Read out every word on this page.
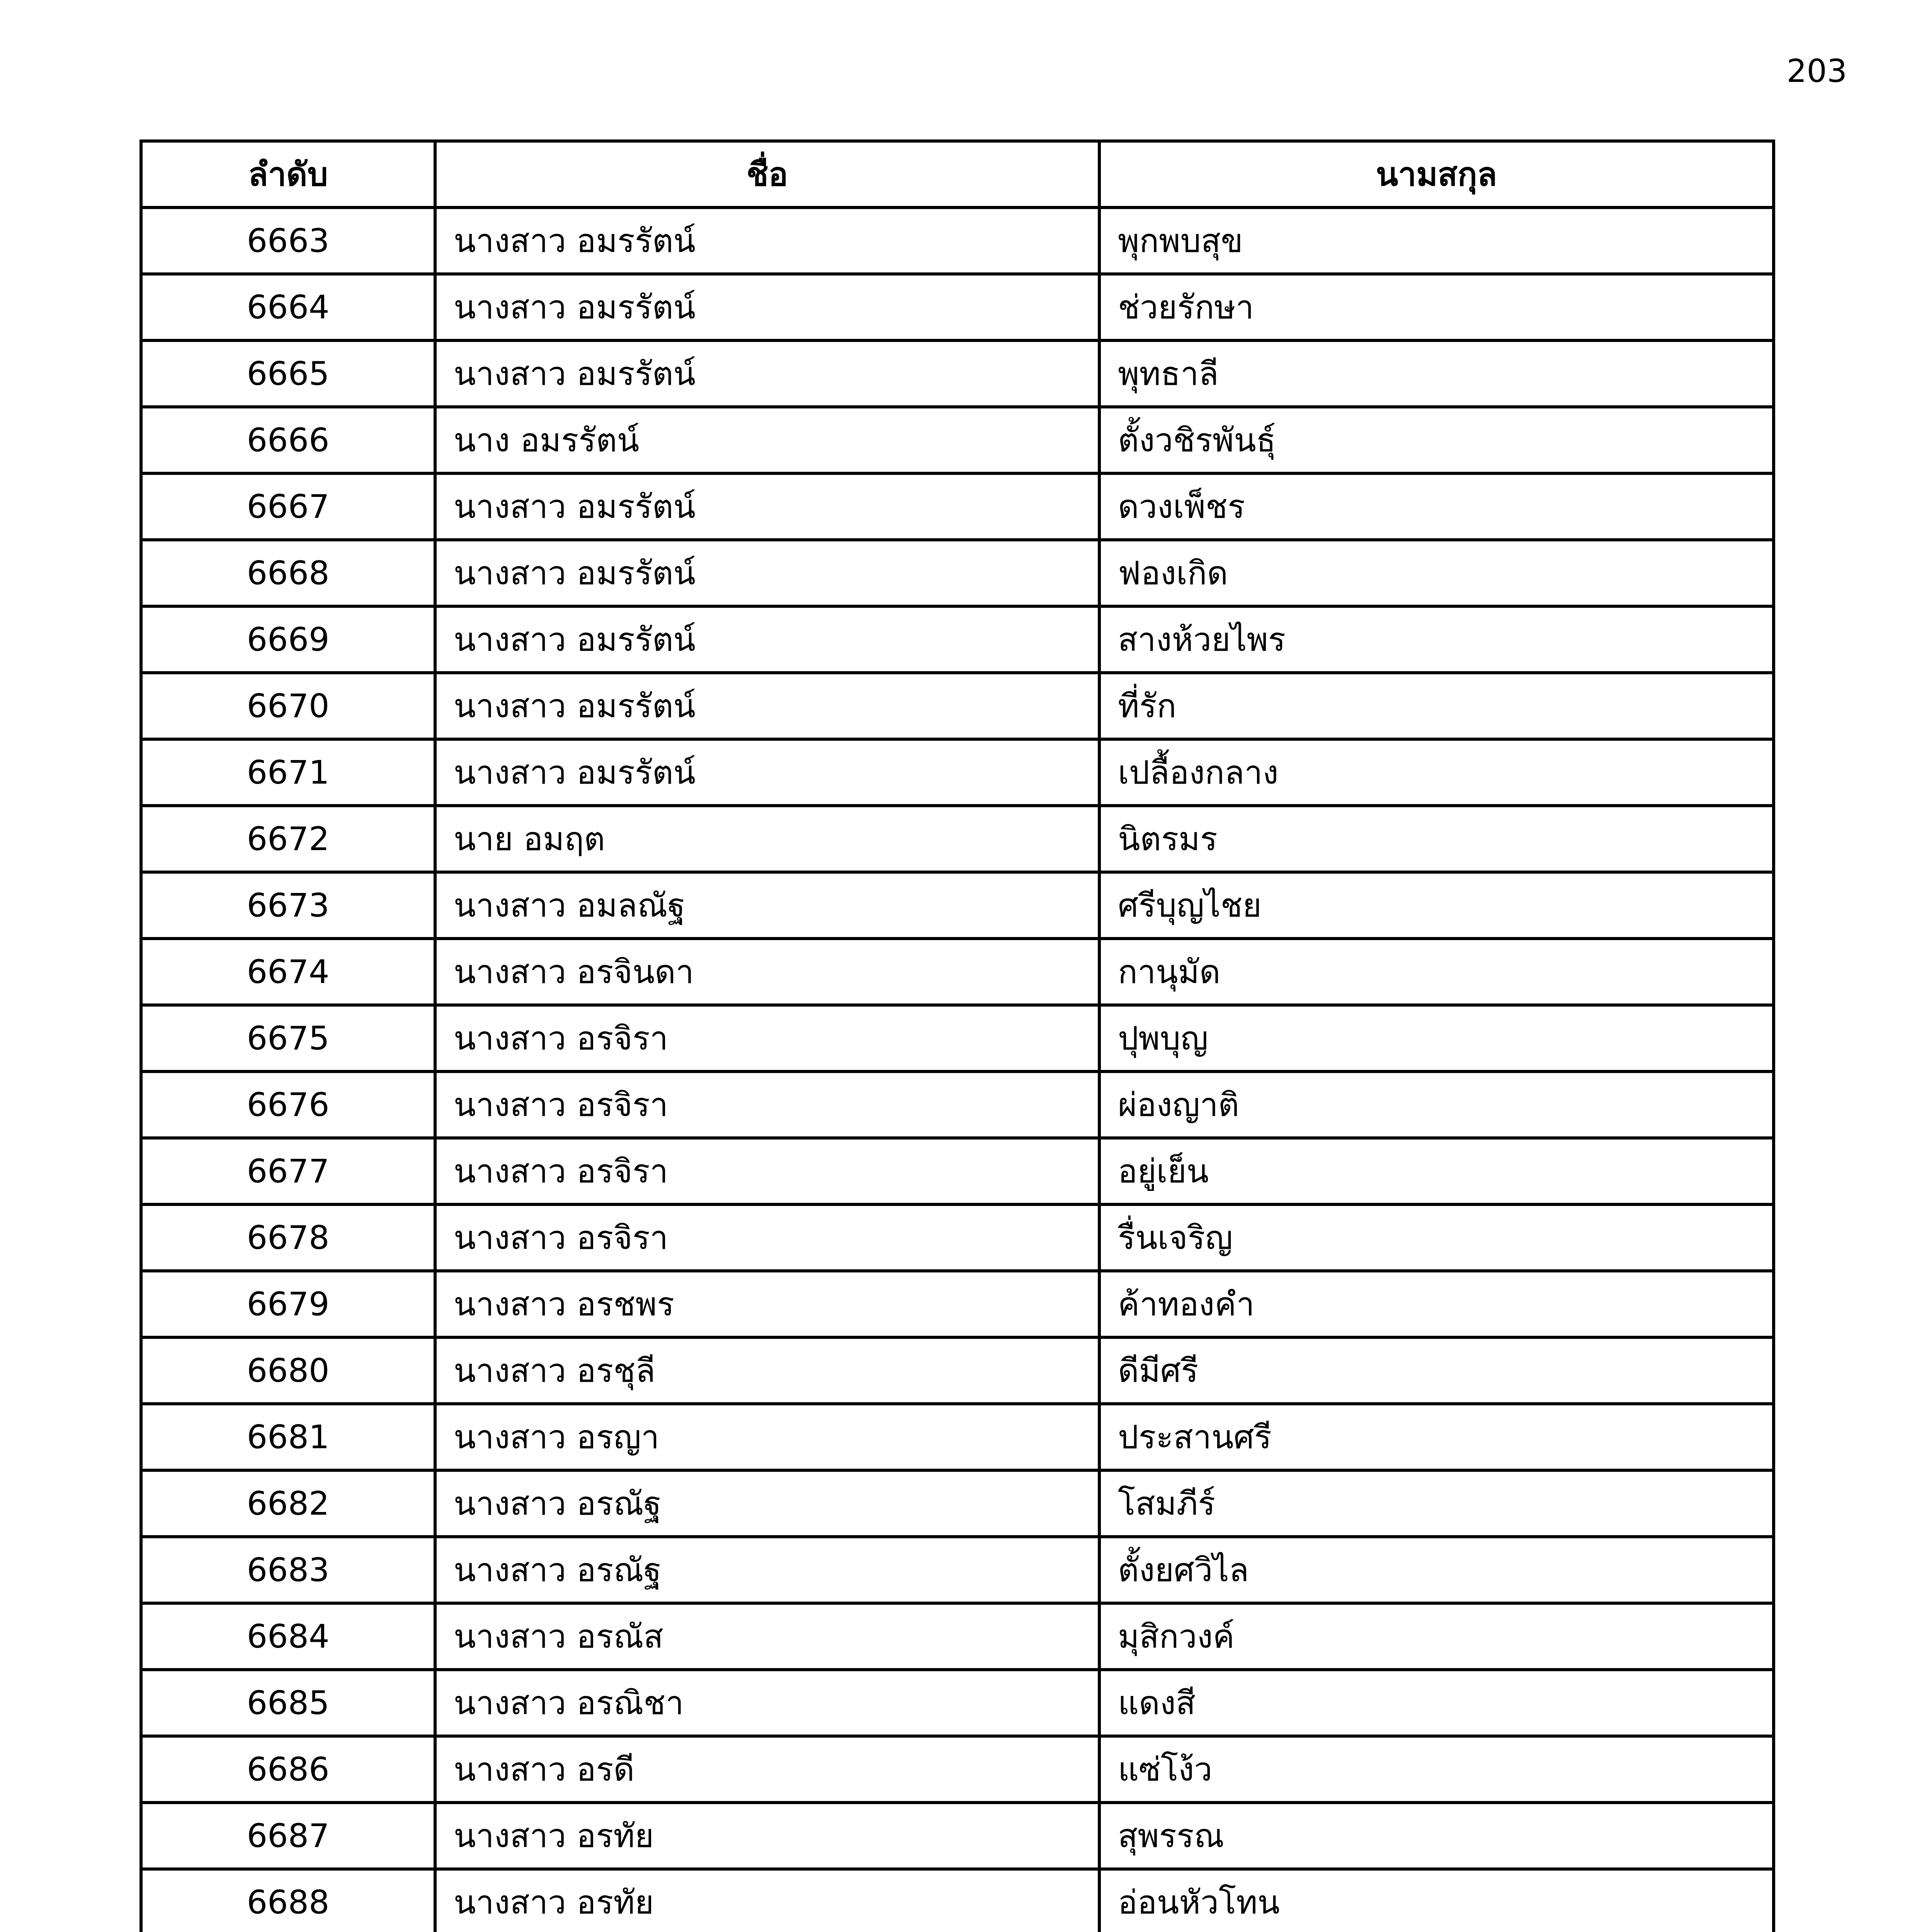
203
ลำดับ	ชื่อ	นามสกุล
6663	นางสาว อมรรัตน์	พุกพบสุข
6664	นางสาว อมรรัตน์	ช่วยรักษา
6665	นางสาว อมรรัตน์	พุทธาลี
6666	นาง อมรรัตน์	ตั้งวชิรพันธุ์
6667	นางสาว อมรรัตน์	ดวงเพ็ชร
6668	นางสาว อมรรัตน์	ฟองเกิด
6669	นางสาว อมรรัตน์	สางห้วยไพร
6670	นางสาว อมรรัตน์	ที่รัก
6671	นางสาว อมรรัตน์	เปลื้องกลาง
6672	นาย อมฤต	นิตรมร
6673	นางสาว อมลณัฐ	ศรีบุญไชย
6674	นางสาว อรจินดา	กานุมัด
6675	นางสาว อรจิรา	ปุพบุญ
6676	นางสาว อรจิรา	ผ่องญาติ
6677	นางสาว อรจิรา	อยู่เย็น
6678	นางสาว อรจิรา	รื่นเจริญ
6679	นางสาว อรชพร	ค้าทองคำ
6680	นางสาว อรชุลี	ดีมีศรี
6681	นางสาว อรญา	ประสานศรี
6682	นางสาว อรณัฐ	โสมภีร์
6683	นางสาว อรณัฐ	ตั้งยศวิไล
6684	นางสาว อรณัส	มุสิกวงค์
6685	นางสาว อรณิชา	แดงสี
6686	นางสาว อรดี	แซ่โง้ว
6687	นางสาว อรทัย	สุพรรณ
6688	นางสาว อรทัย	อ่อนหัวโทน
